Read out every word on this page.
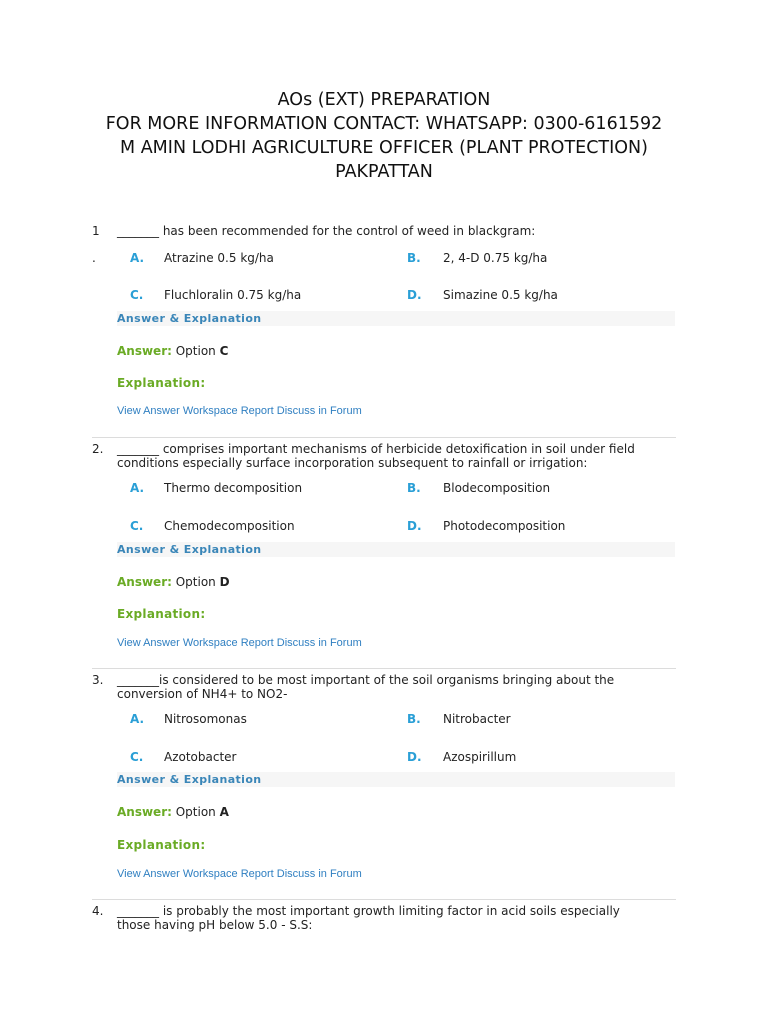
AOs (EXT) PREPARATION
FOR MORE INFORMATION CONTACT: WHATSAPP: 0300-6161592
M AMIN LODHI AGRICULTURE OFFICER (PLANT PROTECTION)
PAKPATTAN
1
.
_______ has been recommended for the control of weed in blackgram:
A. Atrazine 0.5 kg/ha	B. 2, 4-D 0.75 kg/ha
C. Fluchloralin 0.75 kg/ha	D. Simazine 0.5 kg/ha
Answer & Explanation
Answer: Option C
Explanation:
View Answer Workspace Report Discuss in Forum
2. _______ comprises important mechanisms of herbicide detoxification in soil under field conditions especially surface incorporation subsequent to rainfall or irrigation:
A. Thermo decomposition	B. Blodecomposition
C. Chemodecomposition	D. Photodecomposition
Answer & Explanation
Answer: Option D
Explanation:
View Answer Workspace Report Discuss in Forum
3. _______is considered to be most important of the soil organisms bringing about the conversion of NH4+ to NO2-
A. Nitrosomonas	B. Nitrobacter
C. Azotobacter	D. Azospirillum
Answer & Explanation
Answer: Option A
Explanation:
View Answer Workspace Report Discuss in Forum
4. _______ is probably the most important growth limiting factor in acid soils especially those having pH below 5.0 - S.S:
